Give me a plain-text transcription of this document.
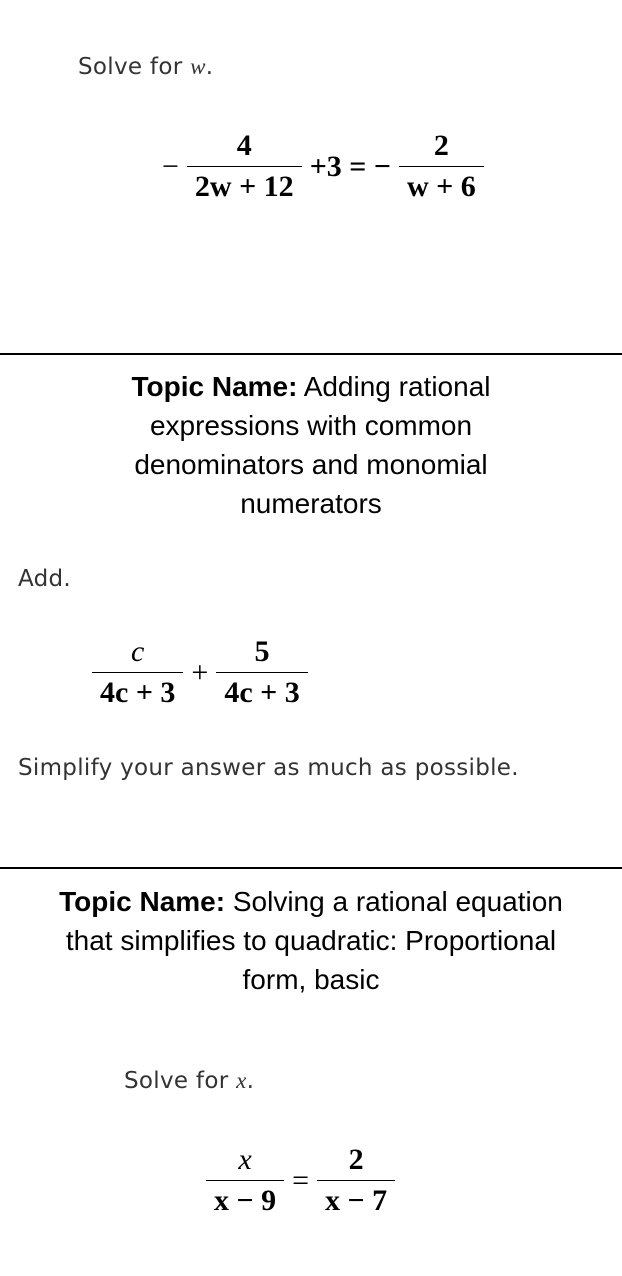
Solve for w.
− $\frac{4}{2w + 12} +3$ = − $\frac{2}{w + 6}$
Topic Name: Adding rational expressions with common denominators and monomial numerators
Add.
$\frac{c}{4c + 3} + \frac{5}{4c + 3}$
Simplify your answer as much as possible.
Topic Name: Solving a rational equation that simplifies to quadratic: Proportional form, basic
Solve for x.
$\frac{x}{x - 9} = \frac{2}{x - 7}$
